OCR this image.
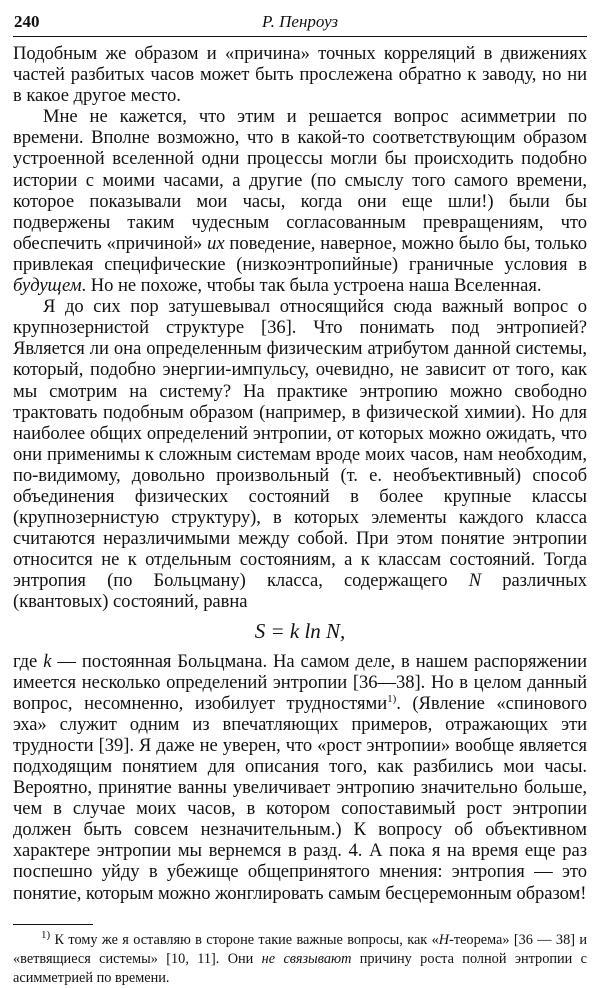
240	Р. Пенроуз

Подобным же образом и «причина» точных корреляций в движениях частей разбитых часов может быть прослежена обратно к заводу, но ни в какое другое место.

Мне не кажется, что этим и решается вопрос асимметрии по времени. Вполне возможно, что в какой-то соответствующим образом устроенной вселенной одни процессы могли бы происходить подобно истории с моими часами, а другие (по смыслу того самого времени, которое показывали мои часы, когда они еще шли!) были бы подвержены таким чудесным согласованным превращениям, что обеспечить «причиной» их поведение, наверное, можно было бы, только привлекая специфические (низкоэнтропийные) граничные условия в будущем. Но не похоже, чтобы так была устроена наша Вселенная.

Я до сих пор затушевывал относящийся сюда важный вопрос о крупнозернистой структуре [36]. Что понимать под энтропией? Является ли она определенным физическим атрибутом данной системы, который, подобно энергии-импульсу, очевидно, не зависит от того, как мы смотрим на систему? На практике энтропию можно свободно трактовать подобным образом (например, в физической химии). Но для наиболее общих определений энтропии, от которых можно ожидать, что они применимы к сложным системам вроде моих часов, нам необходим, по-видимому, довольно произвольный (т. е. необъективный) способ объединения физических состояний в более крупные классы (крупнозернистую структуру), в которых элементы каждого класса считаются неразличимыми между собой. При этом понятие энтропии относится не к отдельным состояниям, а к классам состояний. Тогда энтропия (по Больцману) класса, содержащего N различных (квантовых) состояний, равна

S = k ln N,

где k — постоянная Больцмана. На самом деле, в нашем распоряжении имеется несколько определений энтропии [36—38]. Но в целом данный вопрос, несомненно, изобилует трудностями$^{1)}$. (Явление «спинового эха» служит одним из впечатляющих примеров, отражающих эти трудности [39]. Я даже не уверен, что «рост энтропии» вообще является подходящим понятием для описания того, как разбились мои часы. Вероятно, принятие ванны увеличивает энтропию значительно больше, чем в случае моих часов, в котором сопоставимый рост энтропии должен быть совсем незначительным.) К вопросу об объективном характере энтропии мы вернемся в разд. 4. А пока я на время еще раз поспешно уйду в убежище общепринятого мнения: энтропия — это понятие, которым можно жонглировать самым бесцеремонным образом!

$^{1)}$ К тому же я оставляю в стороне такие важные вопросы, как «H-теорема» [36 — 38] и «ветвящиеся системы» [10, 11]. Они не связывают причину роста полной энтропии с асимметрией по времени.
